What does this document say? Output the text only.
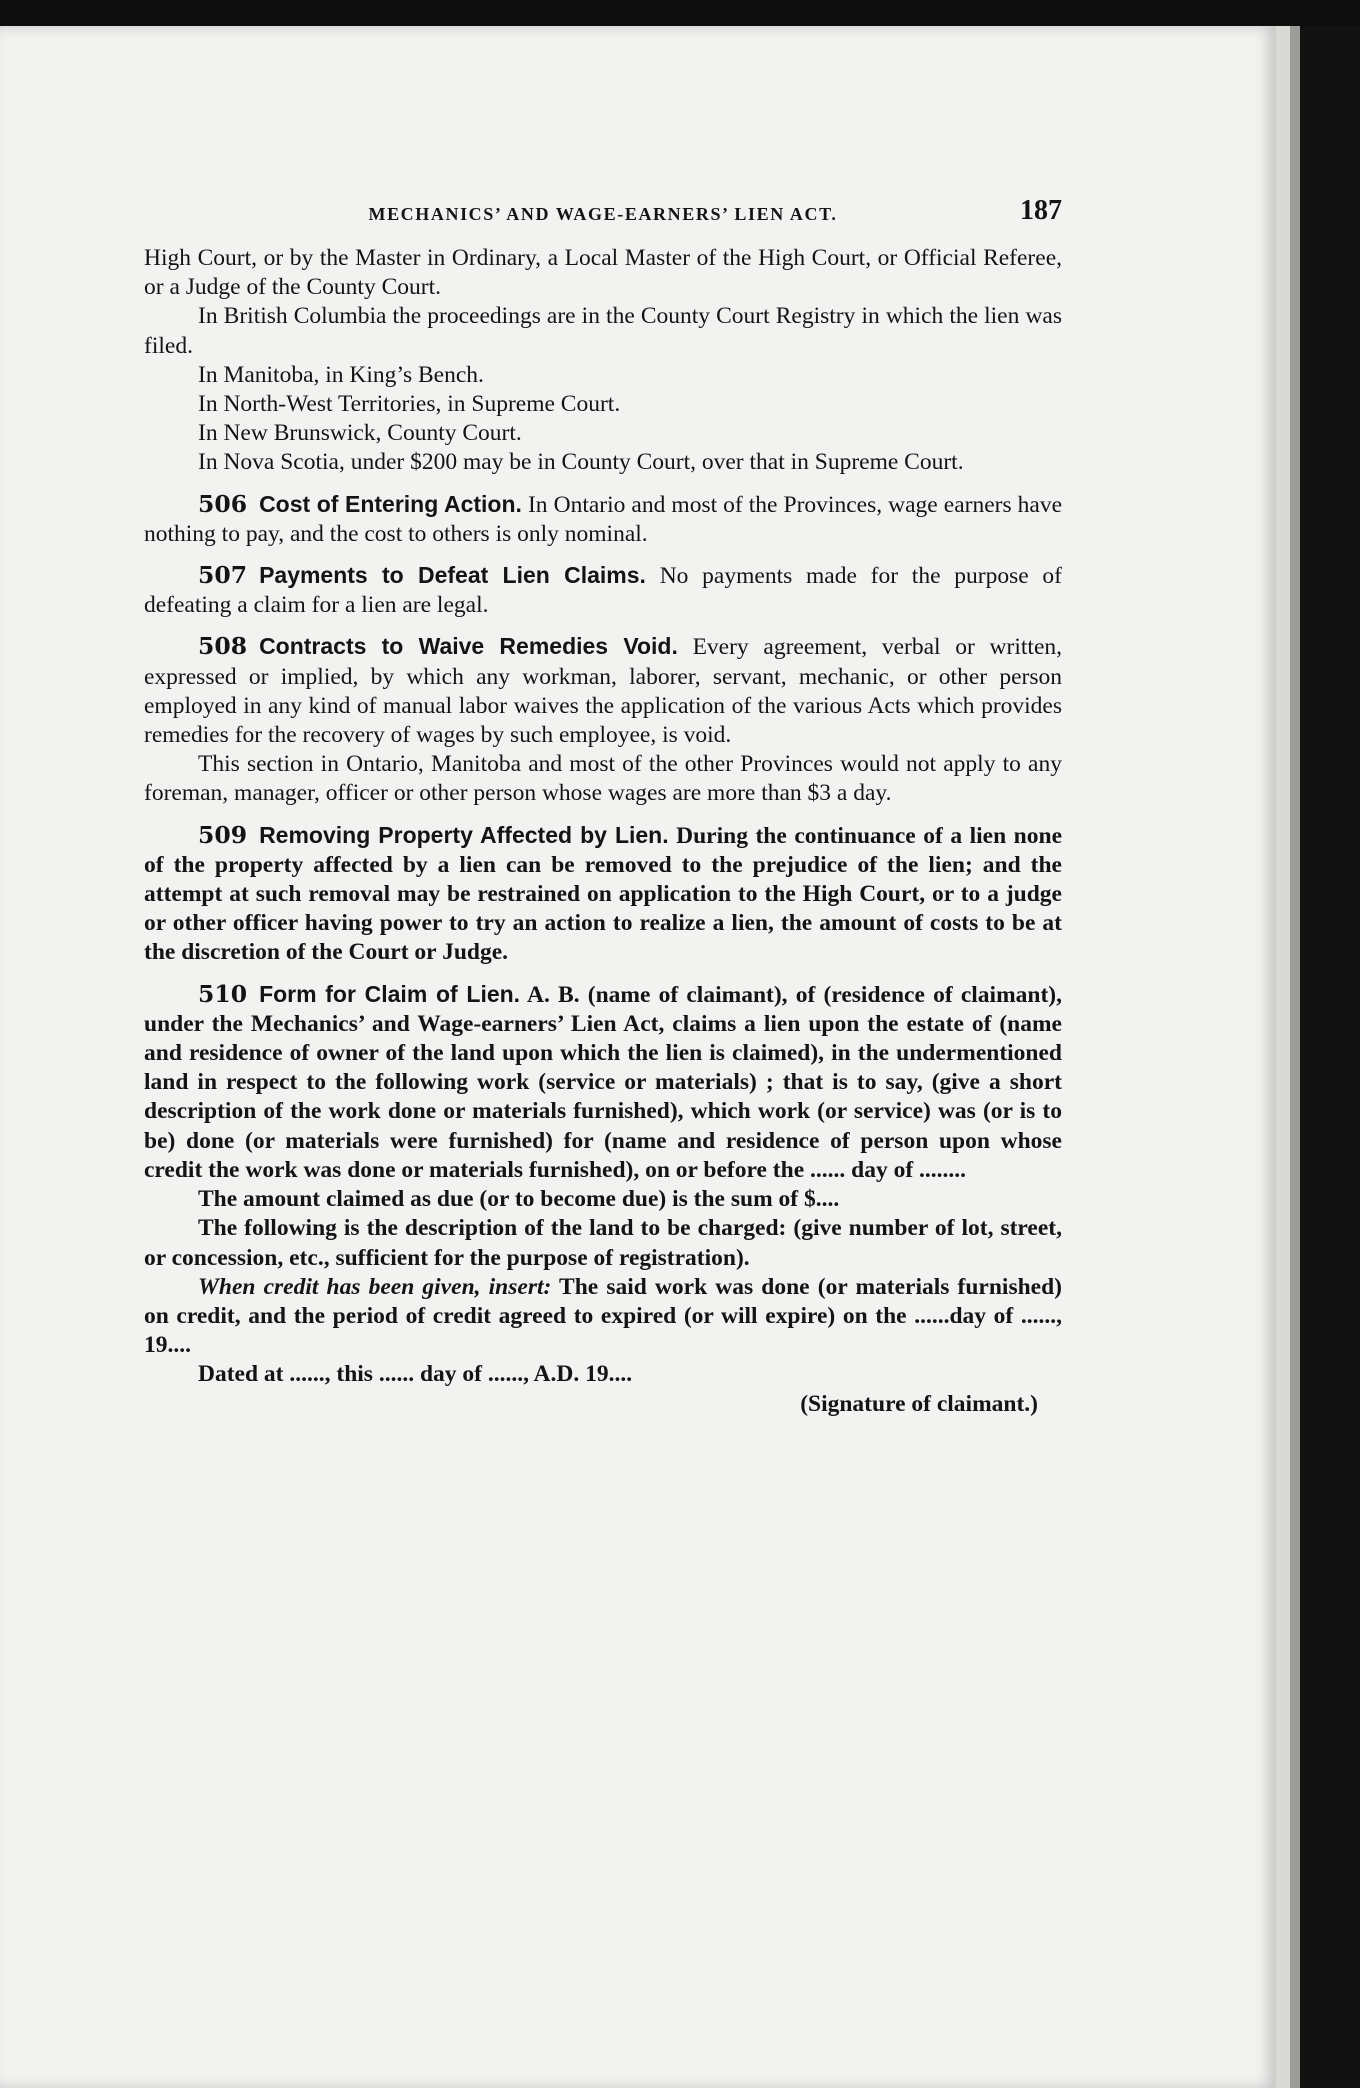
MECHANICS’ AND WAGE-EARNERS’ LIEN ACT.	187

High Court, or by the Master in Ordinary, a Local Master of the High Court, or Official Referee, or a Judge of the County Court.

In British Columbia the proceedings are in the County Court Registry in which the lien was filed.

In Manitoba, in King’s Bench.

In North-West Territories, in Supreme Court.

In New Brunswick, County Court.

In Nova Scotia, under $200 may be in County Court, over that in Supreme Court.

506 Cost of Entering Action. In Ontario and most of the Provinces, wage earners have nothing to pay, and the cost to others is only nominal.

507 Payments to Defeat Lien Claims. No payments made for the purpose of defeating a claim for a lien are legal.

508 Contracts to Waive Remedies Void. Every agreement, verbal or written, expressed or implied, by which any workman, laborer, servant, mechanic, or other person employed in any kind of manual labor waives the application of the various Acts which provides remedies for the recovery of wages by such employee, is void.

This section in Ontario, Manitoba and most of the other Provinces would not apply to any foreman, manager, officer or other person whose wages are more than $3 a day.

509 Removing Property Affected by Lien. During the continuance of a lien none of the property affected by a lien can be removed to the prejudice of the lien; and the attempt at such removal may be restrained on application to the High Court, or to a judge or other officer having power to try an action to realize a lien, the amount of costs to be at the discretion of the Court or Judge.

510 Form for Claim of Lien. A. B. (name of claimant), of (residence of claimant), under the Mechanics’ and Wage-earners’ Lien Act, claims a lien upon the estate of (name and residence of owner of the land upon which the lien is claimed), in the undermentioned land in respect to the following work (service or materials) ; that is to say, (give a short description of the work done or materials furnished), which work (or service) was (or is to be) done (or materials were furnished) for (name and residence of person upon whose credit the work was done or materials furnished), on or before the ...... day of ........

The amount claimed as due (or to become due) is the sum of $....

The following is the description of the land to be charged: (give number of lot, street, or concession, etc., sufficient for the purpose of registration).

When credit has been given, insert: The said work was done (or materials furnished) on credit, and the period of credit agreed to expired (or will expire) on the ......day of ......, 19....

Dated at ......, this ...... day of ......, A.D. 19....

(Signature of claimant.)
